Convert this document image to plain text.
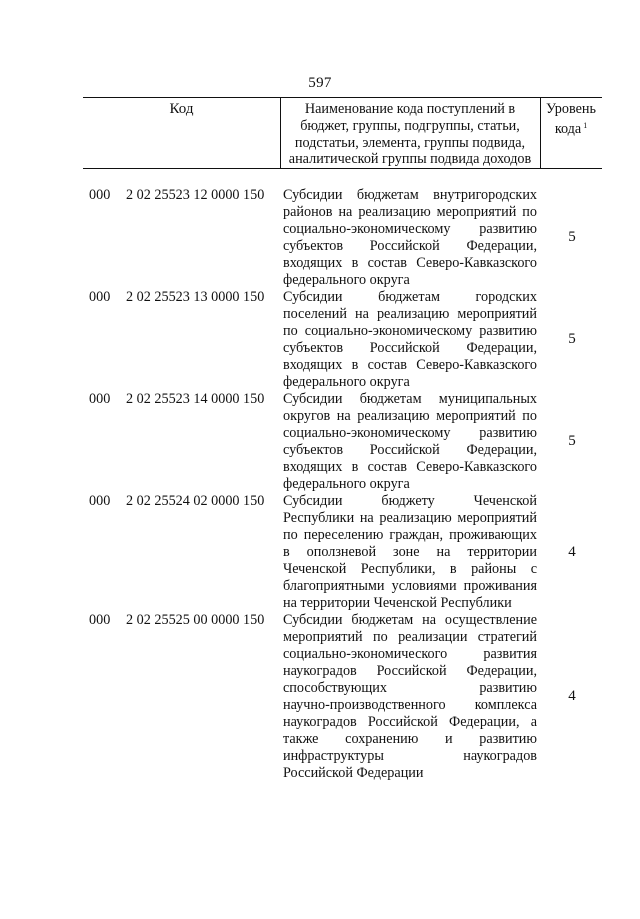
597
Код	Наименование кода поступлений в
бюджет, группы, подгруппы, статьи,
подстатьи, элемента, группы подвида,
аналитической группы подвида доходов
Уровень
кода $^1$
000 2 02 25523 12 0000 150 Субсидии бюджетам внутригородских
районов на реализацию мероприятий по
социально-экономическому развитию
субъектов Российской Федерации,
входящих в состав Северо-Кавказского
федерального округа
5
000 2 02 25523 13 0000 150 Субсидии бюджетам городских
поселений на реализацию мероприятий
по социально-экономическому развитию
субъектов Российской Федерации,
входящих в состав Северо-Кавказского
федерального округа
5
000 2 02 25523 14 0000 150 Субсидии бюджетам муниципальных
округов на реализацию мероприятий по
социально-экономическому развитию
субъектов Российской Федерации,
входящих в состав Северо-Кавказского
федерального округа
5
000 2 02 25524 02 0000 150 Субсидии бюджету Чеченской
Республики на реализацию мероприятий
по переселению граждан, проживающих
в оползневой зоне на территории
Чеченской Республики, в районы с
благоприятными условиями проживания
на территории Чеченской Республики
4
000 2 02 25525 00 0000 150 Субсидии бюджетам на осуществление
мероприятий по реализации стратегий
социально-экономического развития
наукоградов Российской Федерации,
способствующих развитию
научно-производственного комплекса
наукоградов Российской Федерации, а
также сохранению и развитию
инфраструктуры наукоградов
Российской Федерации
4
